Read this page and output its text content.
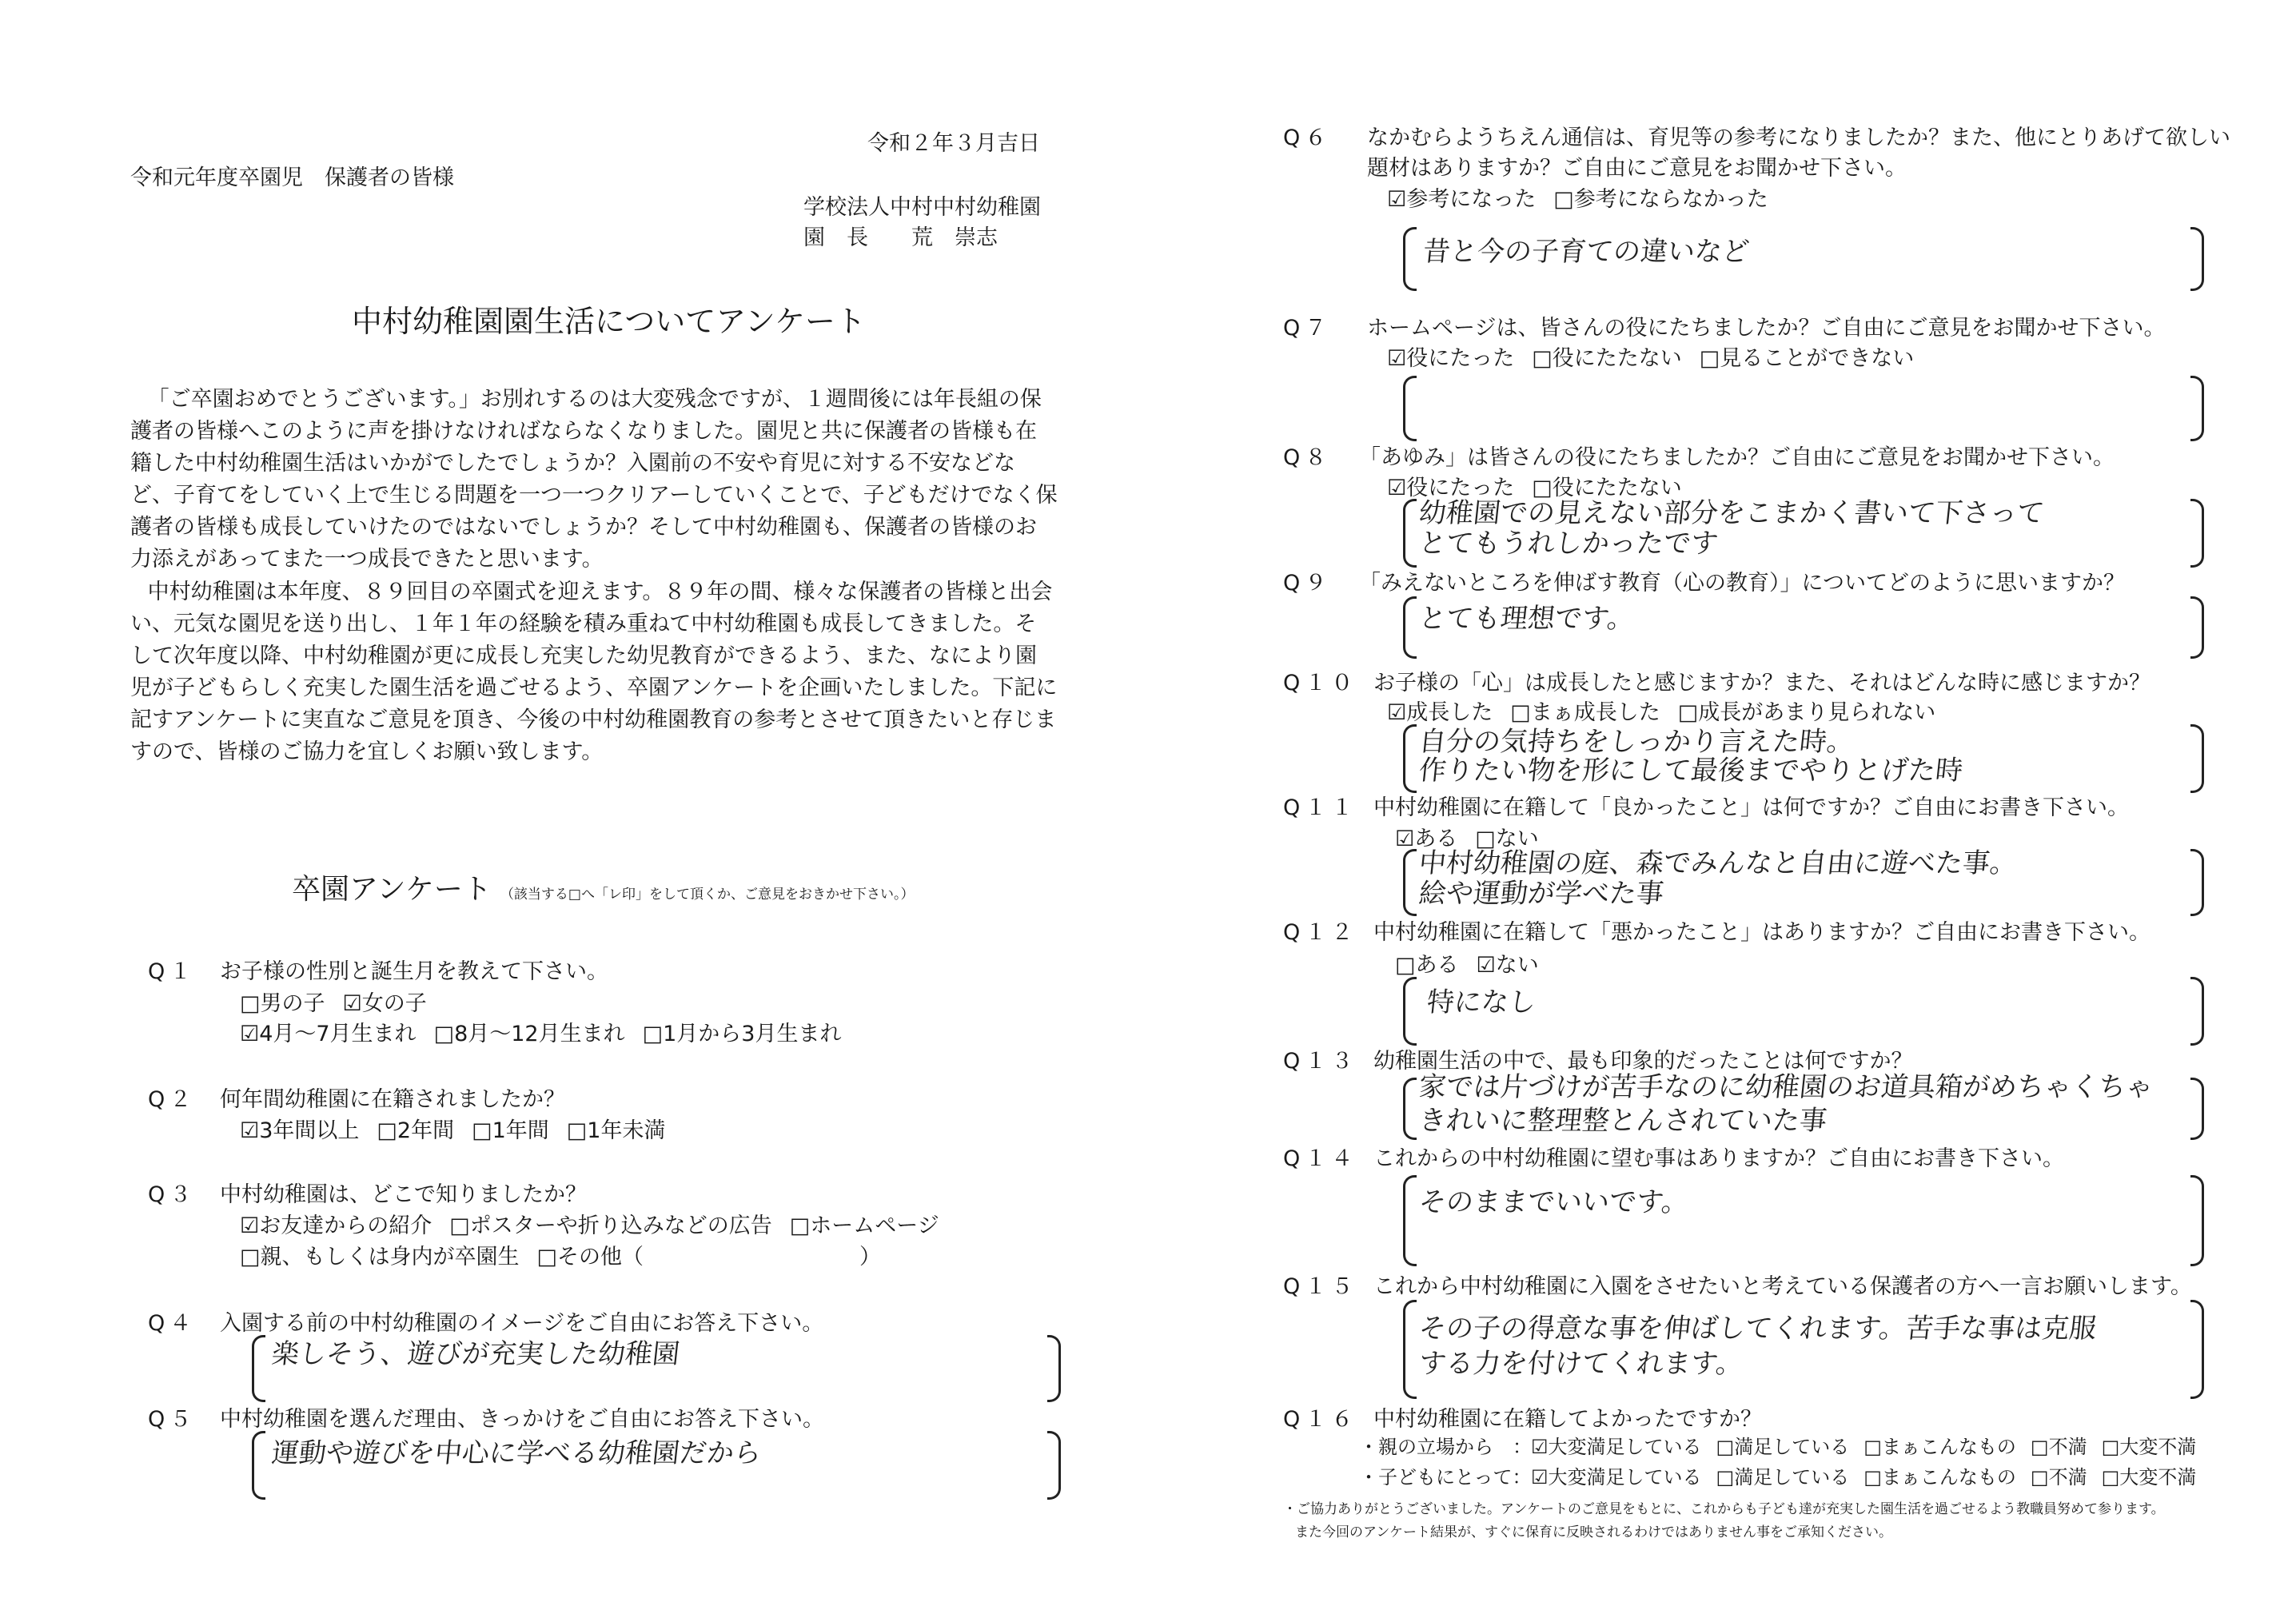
令和２年３月吉日
令和元年度卒園児　保護者の皆様
学校法人中村中村幼稚園
園　長　　荒　崇志
中村幼稚園園生活についてアンケート
「ご卒園おめでとうございます。」お別れするのは大変残念ですが、１週間後には年長組の保護者の皆様へこのように声を掛けなければならなくなりました。園児と共に保護者の皆様も在籍した中村幼稚園生活はいかがでしたでしょうか？入園前の不安や育児に対する不安などなど、子育てをしていく上で生じる問題を一つ一つクリアーしていくことで、子どもだけでなく保護者の皆様も成長していけたのではないでしょうか？そして中村幼稚園も、保護者の皆様のお力添えがあってまた一つ成長できたと思います。
中村幼稚園は本年度、８９回目の卒園式を迎えます。８９年の間、様々な保護者の皆様と出会い、元気な園児を送り出し、１年１年の経験を積み重ねて中村幼稚園も成長してきました。そして次年度以降、中村幼稚園が更に成長し充実した幼児教育ができるよう、また、なにより園児が子どもらしく充実した園生活を過ごせるよう、卒園アンケートを企画いたしました。下記に記すアンケートに実直なご意見を頂き、今後の中村幼稚園教育の参考とさせて頂きたいと存じますので、皆様のご協力を宜しくお願い致します。
卒園アンケート （該当する□へ「レ印」をして頂くか、ご意見をおきかせ下さい。）
Q１ お子様の性別と誕生月を教えて下さい。
□男の子 ☑女の子
☑4月～7月生まれ □8月～12月生まれ □1月から3月生まれ
Q２ 何年間幼稚園に在籍されましたか？
☑3年間以上 □2年間 □1年間 □1年未満
Q３ 中村幼稚園は、どこで知りましたか？
☑お友達からの紹介 □ポスターや折り込みなどの広告 □ホームページ
□親、もしくは身内が卒園生 □その他（　　　　　　　　　　）
Q４ 入園する前の中村幼稚園のイメージをご自由にお答え下さい。
楽しそう、遊びが充実した幼稚園
Q５ 中村幼稚園を選んだ理由、きっかけをご自由にお答え下さい。
運動や遊びを中心に学べる幼稚園だから
Q６ なかむらようちえん通信は、育児等の参考になりましたか？また、他にとりあげて欲しい
題材はありますか？ご自由にご意見をお聞かせ下さい。
☑参考になった □参考にならなかった
昔と今の子育ての違いなど
Q７ ホームページは、皆さんの役にたちましたか？ご自由にご意見をお聞かせ下さい。
☑役にたった □役にたたない □見ることができない
Q８ 「あゆみ」は皆さんの役にたちましたか？ご自由にご意見をお聞かせ下さい。
☑役にたった □役にたたない
幼稚園での見えない部分をこまかく書いて下さって
とてもうれしかったです
Q９ 「みえないところを伸ばす教育（心の教育）」についてどのように思いますか？
とても理想です。
Q１０ お子様の「心」は成長したと感じますか？また、それはどんな時に感じますか？
☑成長した □まぁ成長した □成長があまり見られない
自分の気持ちをしっかり言えた時。
作りたい物を形にして最後までやりとげた時
Q１１ 中村幼稚園に在籍して「良かったこと」は何ですか？ご自由にお書き下さい。
☑ある □ない
中村幼稚園の庭、森でみんなと自由に遊べた事。
絵や運動が学べた事
Q１２ 中村幼稚園に在籍して「悪かったこと」はありますか？ご自由にお書き下さい。
□ある ☑ない
特になし
Q１３ 幼稚園生活の中で、最も印象的だったことは何ですか？
家では片づけが苦手なのに幼稚園のお道具箱がめちゃくちゃ
きれいに整理整とんされていた事
Q１４ これからの中村幼稚園に望む事はありますか？ご自由にお書き下さい。
そのままでいいです。
Q１５ これから中村幼稚園に入園をさせたいと考えている保護者の方へ一言お願いします。
その子の得意な事を伸ばしてくれます。苦手な事は克服
する力を付けてくれます。
Q１６ 中村幼稚園に在籍してよかったですか？
・親の立場から　： ☑大変満足している □満足している □まぁこんなもの □不満 □大変不満
・子どもにとって： ☑大変満足している □満足している □まぁこんなもの □不満 □大変不満
・ご協力ありがとうございました。アンケートのご意見をもとに、これからも子ども達が充実した園生活を過ごせるよう教職員努めて参ります。
また今回のアンケート結果が、すぐに保育に反映されるわけではありません事をご承知ください。
